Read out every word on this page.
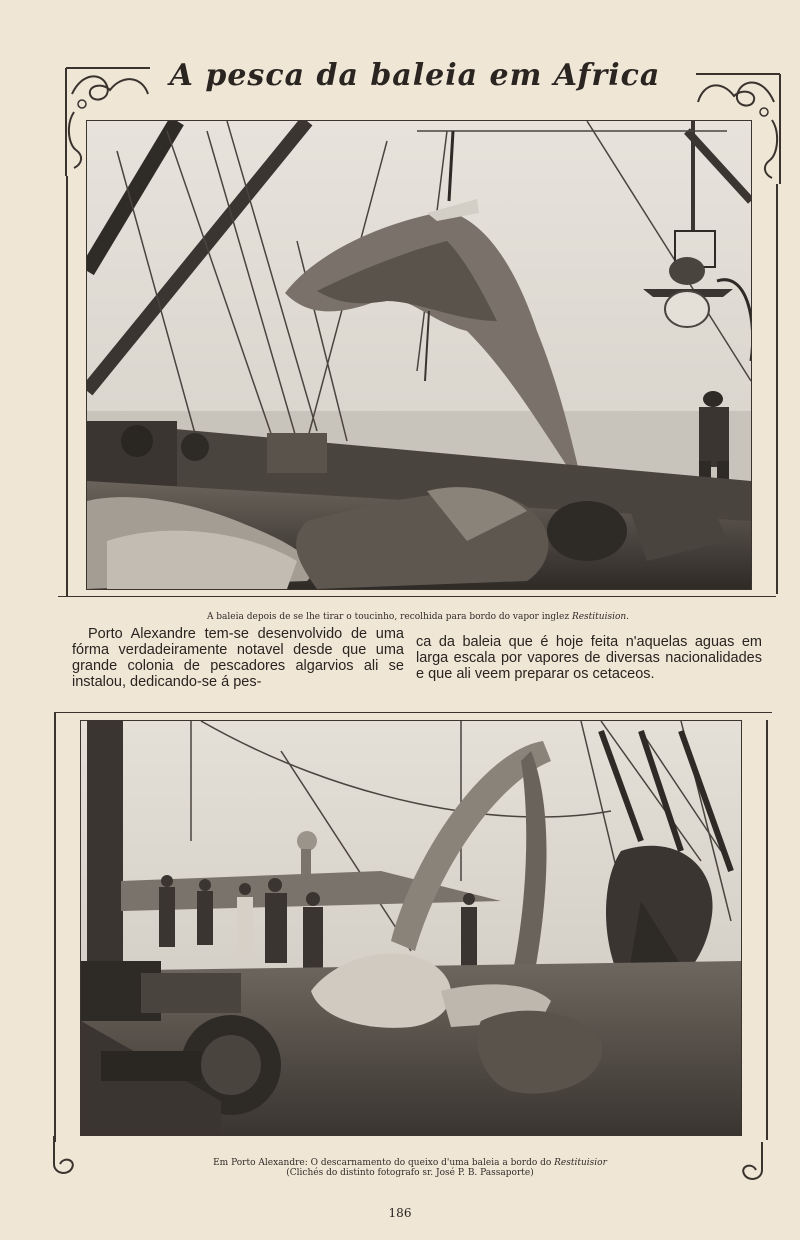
A pesca da baleia em Africa
A baleia depois de se lhe tirar o toucinho, recolhida para bordo do vapor inglez Restituision.
Porto Alexandre tem-se desenvolvido de uma fórma verdadeiramente notavel desde que uma grande colonia de pescadores algarvios ali se instalou, dedicando-se á pes-
ca da baleia que é hoje feita n'aquelas aguas em larga escala por vapores de diversas nacionalidades e que ali veem preparar os cetaceos.
Em Porto Alexandre: O descarnamento do queixo d'uma baleia a bordo do Restituisior
(Clichés do distinto fotografo sr. José P. B. Passaporte)
186
